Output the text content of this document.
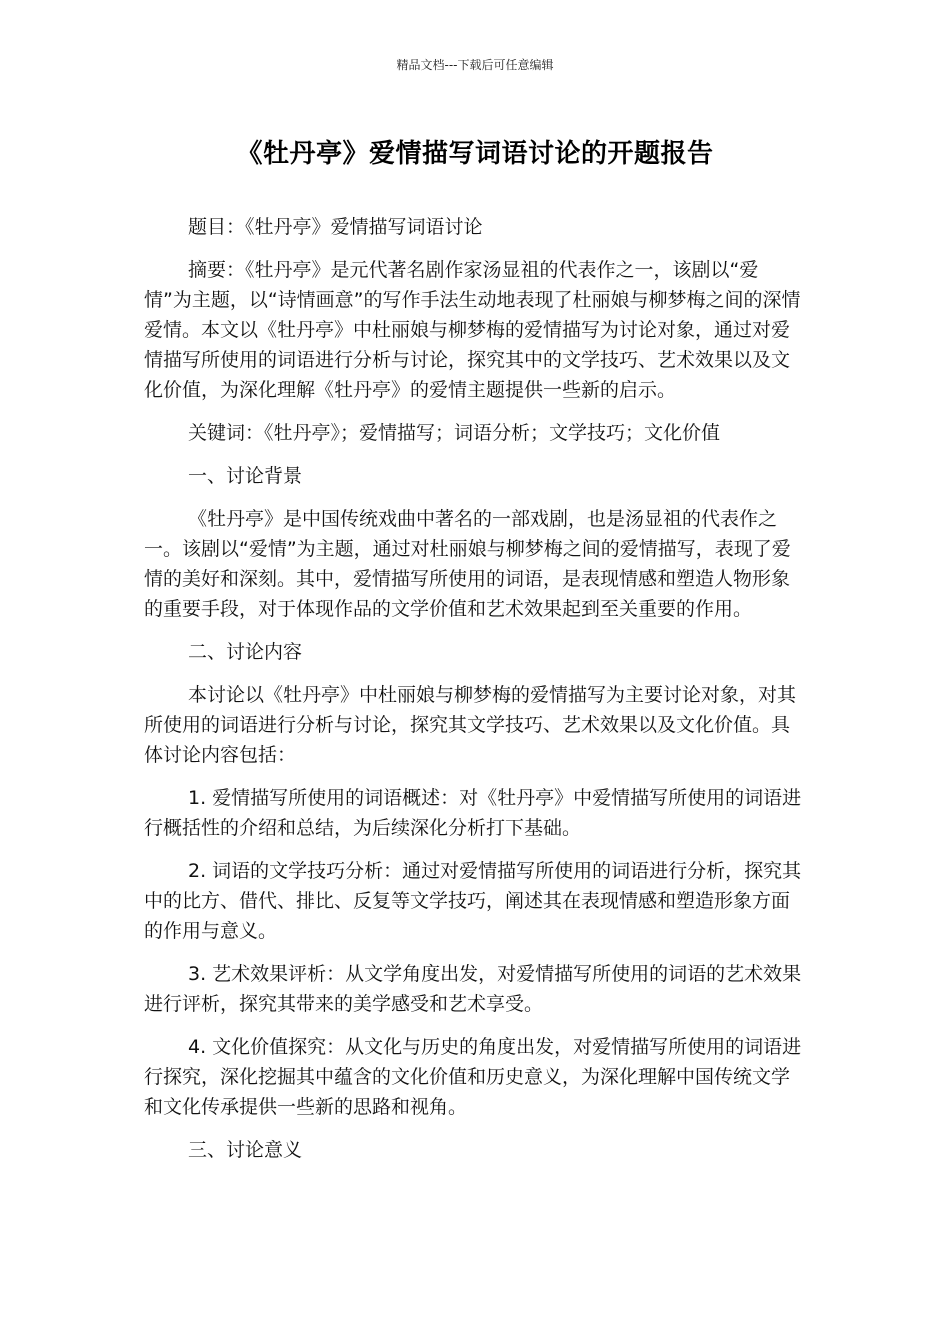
精品文档---下载后可任意编辑
《牡丹亭》爱情描写词语讨论的开题报告

题目：《牡丹亭》爱情描写词语讨论

摘要：《牡丹亭》是元代著名剧作家汤显祖的代表作之一，该剧以“爱情”为主题，以“诗情画意”的写作手法生动地表现了杜丽娘与柳梦梅之间的深情爱情。本文以《牡丹亭》中杜丽娘与柳梦梅的爱情描写为讨论对象，通过对爱情描写所使用的词语进行分析与讨论，探究其中的文学技巧、艺术效果以及文化价值，为深化理解《牡丹亭》的爱情主题提供一些新的启示。

关键词：《牡丹亭》；爱情描写；词语分析；文学技巧；文化价值

一、讨论背景

《牡丹亭》是中国传统戏曲中著名的一部戏剧，也是汤显祖的代表作之一。该剧以“爱情”为主题，通过对杜丽娘与柳梦梅之间的爱情描写，表现了爱情的美好和深刻。其中，爱情描写所使用的词语，是表现情感和塑造人物形象的重要手段，对于体现作品的文学价值和艺术效果起到至关重要的作用。

二、讨论内容

本讨论以《牡丹亭》中杜丽娘与柳梦梅的爱情描写为主要讨论对象，对其所使用的词语进行分析与讨论，探究其文学技巧、艺术效果以及文化价值。具体讨论内容包括：

1. 爱情描写所使用的词语概述：对《牡丹亭》中爱情描写所使用的词语进行概括性的介绍和总结，为后续深化分析打下基础。

2. 词语的文学技巧分析：通过对爱情描写所使用的词语进行分析，探究其中的比方、借代、排比、反复等文学技巧，阐述其在表现情感和塑造形象方面的作用与意义。

3. 艺术效果评析：从文学角度出发，对爱情描写所使用的词语的艺术效果进行评析，探究其带来的美学感受和艺术享受。

4. 文化价值探究：从文化与历史的角度出发，对爱情描写所使用的词语进行探究，深化挖掘其中蕴含的文化价值和历史意义，为深化理解中国传统文学和文化传承提供一些新的思路和视角。

三、讨论意义
